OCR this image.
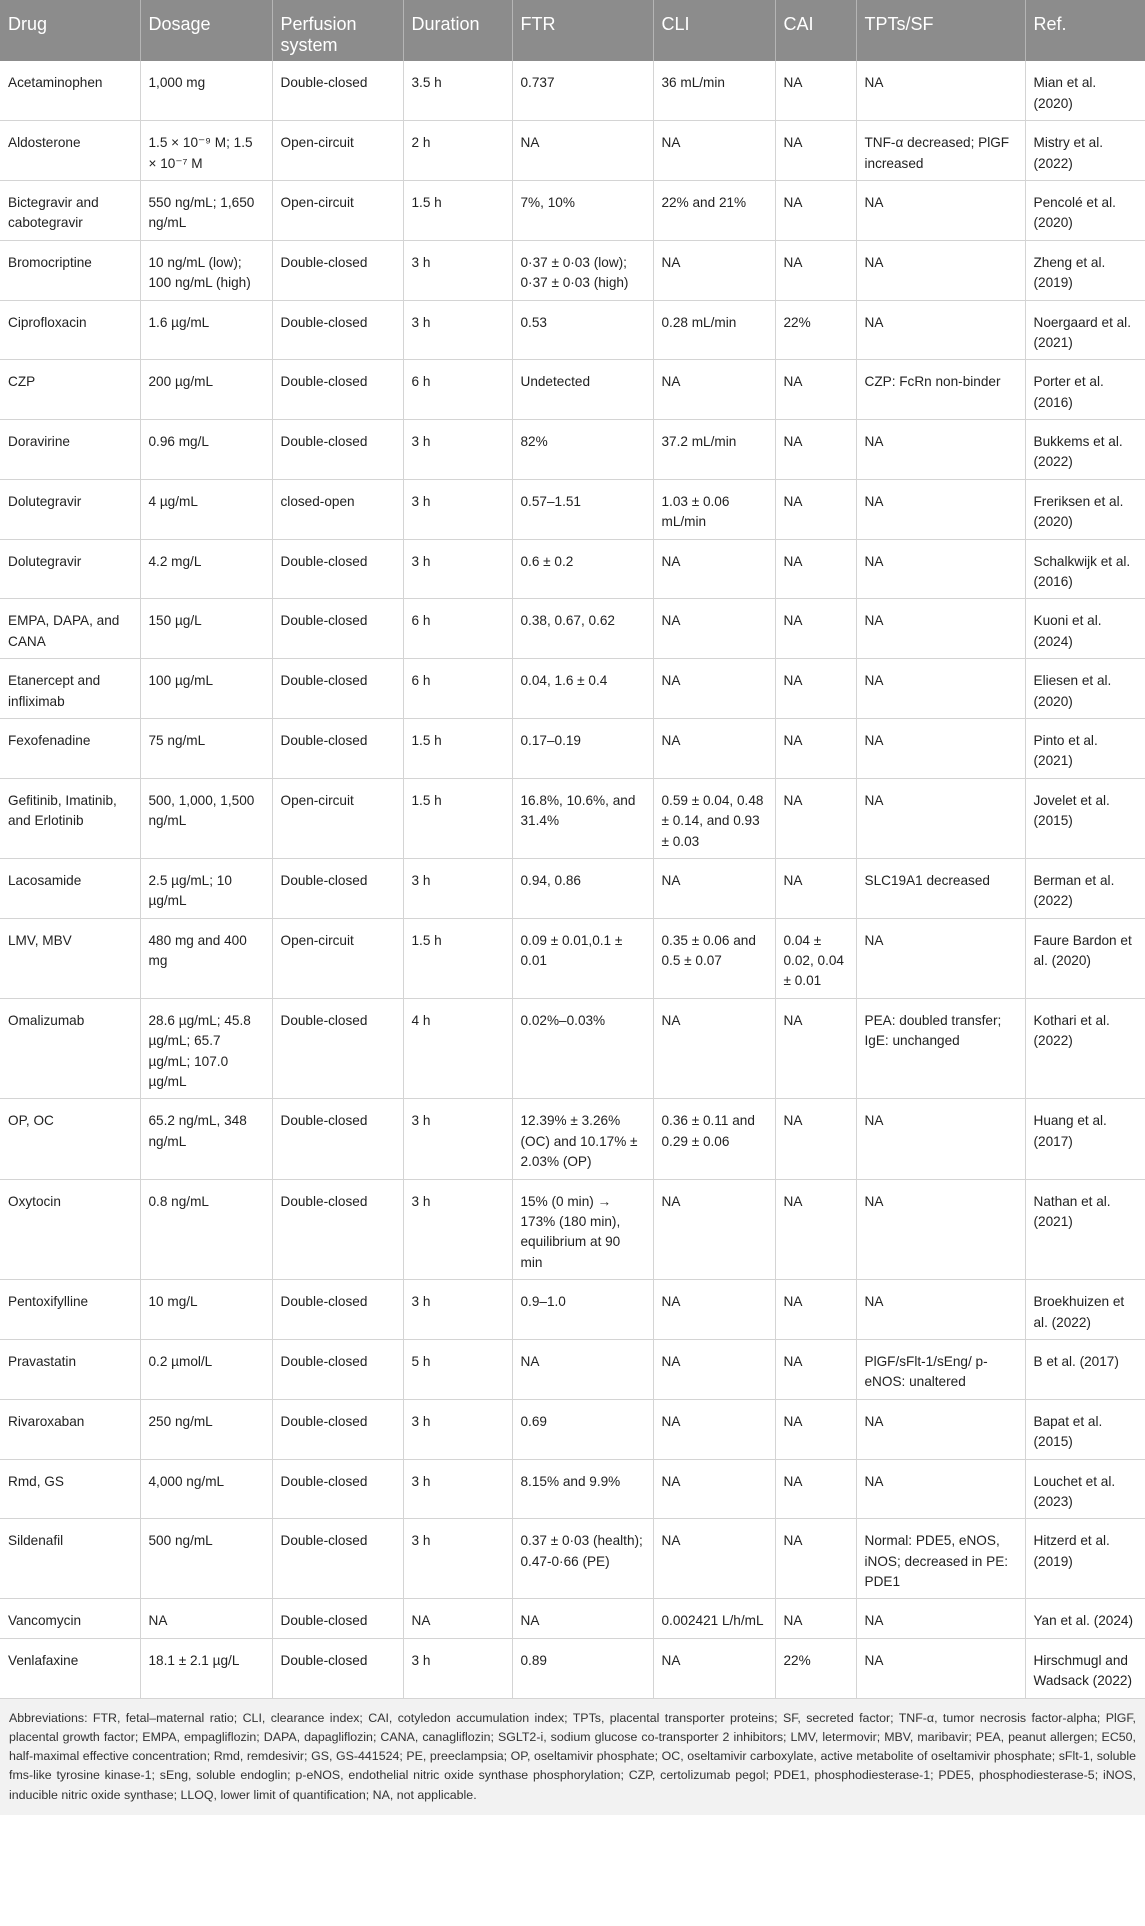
Drug	Dosage	Perfusion system	Duration	FTR	CLI	CAI	TPTs/SF	Ref.
Acetaminophen	1,000 mg	Double-closed	3.5 h	0.737	36 mL/min	NA	NA	Mian et al. (2020)
Aldosterone	1.5 × 10⁻⁹ M; 1.5 × 10⁻⁷ M	Open-circuit	2 h	NA	NA	NA	TNF-α decreased; PlGF increased	Mistry et al. (2022)
Bictegravir and cabotegravir	550 ng/mL; 1,650 ng/mL	Open-circuit	1.5 h	7%, 10%	22% and 21%	NA	NA	Pencolé et al. (2020)
Bromocriptine	10 ng/mL (low); 100 ng/mL (high)	Double-closed	3 h	0·37 ± 0·03 (low); 0·37 ± 0·03 (high)	NA	NA	NA	Zheng et al. (2019)
Ciprofloxacin	1.6 µg/mL	Double-closed	3 h	0.53	0.28 mL/min	22%	NA	Noergaard et al. (2021)
CZP	200 µg/mL	Double-closed	6 h	Undetected	NA	NA	CZP: FcRn non-binder	Porter et al. (2016)
Doravirine	0.96 mg/L	Double-closed	3 h	82%	37.2 mL/min	NA	NA	Bukkems et al. (2022)
Dolutegravir	4 µg/mL	closed-open	3 h	0.57–1.51	1.03 ± 0.06 mL/min	NA	NA	Freriksen et al. (2020)
Dolutegravir	4.2 mg/L	Double-closed	3 h	0.6 ± 0.2	NA	NA	NA	Schalkwijk et al. (2016)
EMPA, DAPA, and CANA	150 µg/L	Double-closed	6 h	0.38, 0.67, 0.62	NA	NA	NA	Kuoni et al. (2024)
Etanercept and infliximab	100 µg/mL	Double-closed	6 h	0.04, 1.6 ± 0.4	NA	NA	NA	Eliesen et al. (2020)
Fexofenadine	75 ng/mL	Double-closed	1.5 h	0.17–0.19	NA	NA	NA	Pinto et al. (2021)
Gefitinib, Imatinib, and Erlotinib	500, 1,000, 1,500 ng/mL	Open-circuit	1.5 h	16.8%, 10.6%, and 31.4%	0.59 ± 0.04, 0.48 ± 0.14, and 0.93 ± 0.03	NA	NA	Jovelet et al. (2015)
Lacosamide	2.5 µg/mL; 10 µg/mL	Double-closed	3 h	0.94, 0.86	NA	NA	SLC19A1 decreased	Berman et al. (2022)
LMV, MBV	480 mg and 400 mg	Open-circuit	1.5 h	0.09 ± 0.01,0.1 ± 0.01	0.35 ± 0.06 and 0.5 ± 0.07	0.04 ± 0.02, 0.04 ± 0.01	NA	Faure Bardon et al. (2020)
Omalizumab	28.6 µg/mL; 45.8 µg/mL; 65.7 µg/mL; 107.0 µg/mL	Double-closed	4 h	0.02%–0.03%	NA	NA	PEA: doubled transfer; IgE: unchanged	Kothari et al. (2022)
OP, OC	65.2 ng/mL, 348 ng/mL	Double-closed	3 h	12.39% ± 3.26% (OC) and 10.17% ± 2.03% (OP)	0.36 ± 0.11 and 0.29 ± 0.06	NA	NA	Huang et al. (2017)
Oxytocin	0.8 ng/mL	Double-closed	3 h	15% (0 min) → 173% (180 min), equilibrium at 90 min	NA	NA	NA	Nathan et al. (2021)
Pentoxifylline	10 mg/L	Double-closed	3 h	0.9–1.0	NA	NA	NA	Broekhuizen et al. (2022)
Pravastatin	0.2 µmol/L	Double-closed	5 h	NA	NA	NA	PlGF/sFlt-1/sEng/ p-eNOS: unaltered	B et al. (2017)
Rivaroxaban	250 ng/mL	Double-closed	3 h	0.69	NA	NA	NA	Bapat et al. (2015)
Rmd, GS	4,000 ng/mL	Double-closed	3 h	8.15% and 9.9%	NA	NA	NA	Louchet et al. (2023)
Sildenafil	500 ng/mL	Double-closed	3 h	0.37 ± 0·03 (health); 0.47-0·66 (PE)	NA	NA	Normal: PDE5, eNOS, iNOS; decreased in PE: PDE1	Hitzerd et al. (2019)
Vancomycin	NA	Double-closed	NA	NA	0.002421 L/h/mL	NA	NA	Yan et al. (2024)
Venlafaxine	18.1 ± 2.1 µg/L	Double-closed	3 h	0.89	NA	22%	NA	Hirschmugl and Wadsack (2022)
Abbreviations: FTR, fetal–maternal ratio; CLI, clearance index; CAI, cotyledon accumulation index; TPTs, placental transporter proteins; SF, secreted factor; TNF-α, tumor necrosis factor-alpha; PlGF, placental growth factor; EMPA, empagliflozin; DAPA, dapagliflozin; CANA, canagliflozin; SGLT2-i, sodium glucose co-transporter 2 inhibitors; LMV, letermovir; MBV, maribavir; PEA, peanut allergen; EC50, half-maximal effective concentration; Rmd, remdesivir; GS, GS-441524; PE, preeclampsia; OP, oseltamivir phosphate; OC, oseltamivir carboxylate, active metabolite of oseltamivir phosphate; sFlt-1, soluble fms-like tyrosine kinase-1; sEng, soluble endoglin; p-eNOS, endothelial nitric oxide synthase phosphorylation; CZP, certolizumab pegol; PDE1, phosphodiesterase-1; PDE5, phosphodiesterase-5; iNOS, inducible nitric oxide synthase; LLOQ, lower limit of quantification; NA, not applicable.
